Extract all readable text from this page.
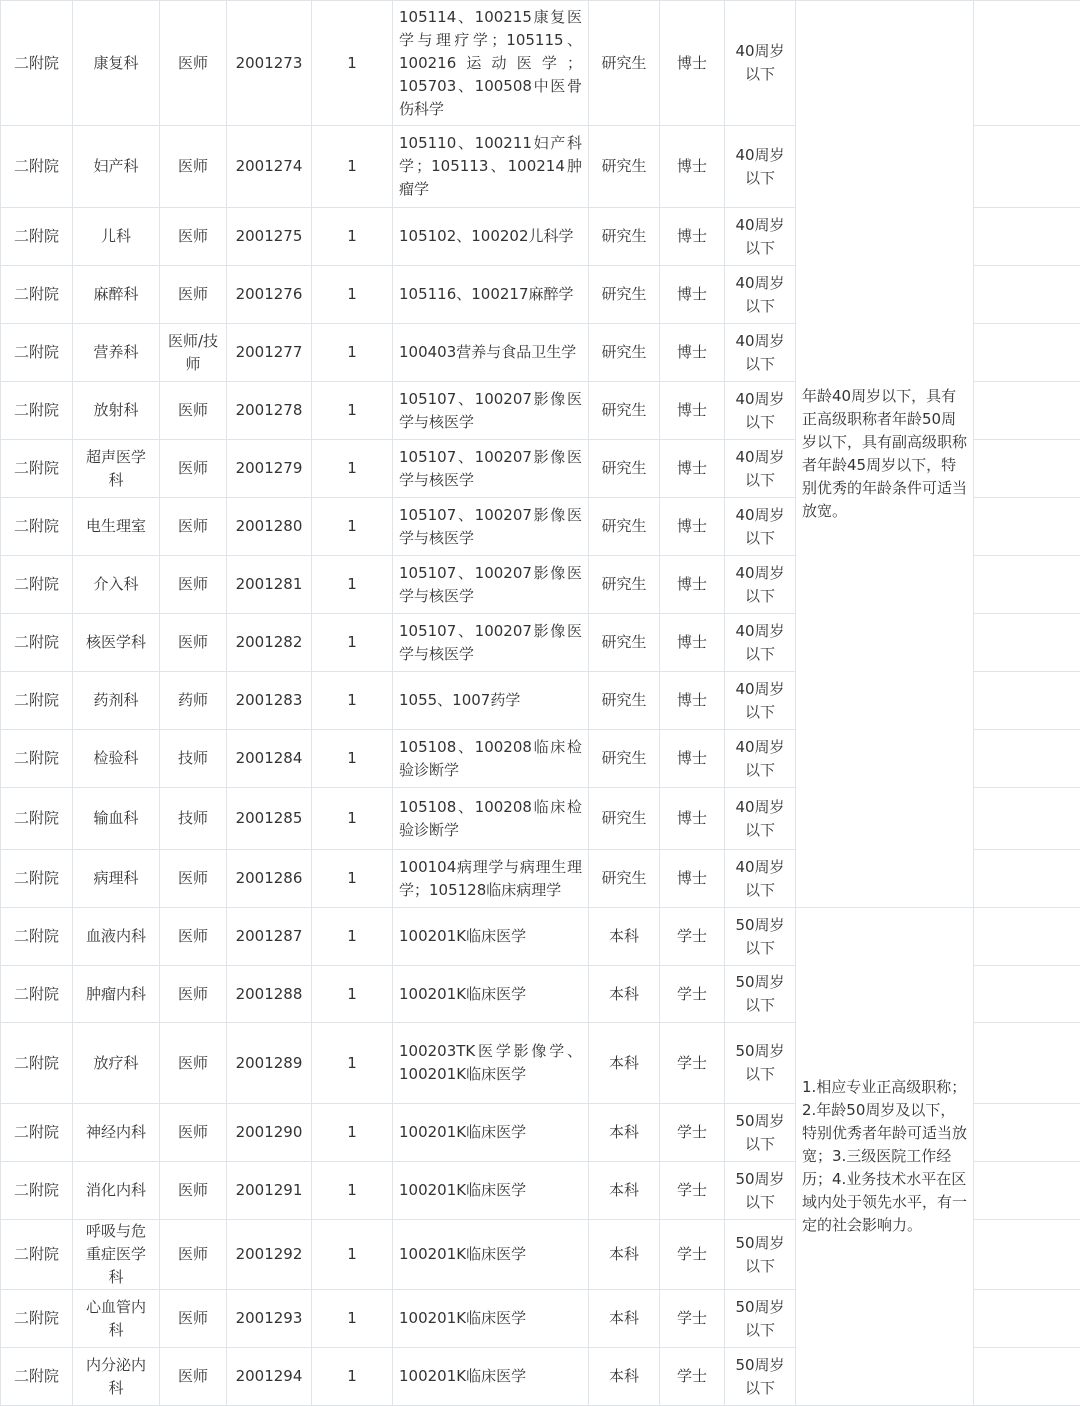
二附院	康复科	医师	2001273	1	105114、100215康复医学与理疗学；105115、100216运动医学；105703、100508中医骨伤科学	研究生	博士	40周岁以下	年龄40周岁以下，具有正高级职称者年龄50周岁以下，具有副高级职称者年龄45周岁以下，特别优秀的年龄条件可适当放宽。	
二附院	妇产科	医师	2001274	1	105110、100211妇产科学；105113、100214肿瘤学	研究生	博士	40周岁以下		
二附院	儿科	医师	2001275	1	105102、100202儿科学	研究生	博士	40周岁以下		
二附院	麻醉科	医师	2001276	1	105116、100217麻醉学	研究生	博士	40周岁以下		
二附院	营养科	医师/技师	2001277	1	100403营养与食品卫生学	研究生	博士	40周岁以下		
二附院	放射科	医师	2001278	1	105107、100207影像医学与核医学	研究生	博士	40周岁以下		
二附院	超声医学科	医师	2001279	1	105107、100207影像医学与核医学	研究生	博士	40周岁以下		
二附院	电生理室	医师	2001280	1	105107、100207影像医学与核医学	研究生	博士	40周岁以下		
二附院	介入科	医师	2001281	1	105107、100207影像医学与核医学	研究生	博士	40周岁以下		
二附院	核医学科	医师	2001282	1	105107、100207影像医学与核医学	研究生	博士	40周岁以下		
二附院	药剂科	药师	2001283	1	1055、1007药学	研究生	博士	40周岁以下		
二附院	检验科	技师	2001284	1	105108、100208临床检验诊断学	研究生	博士	40周岁以下		
二附院	输血科	技师	2001285	1	105108、100208临床检验诊断学	研究生	博士	40周岁以下		
二附院	病理科	医师	2001286	1	100104病理学与病理生理学；105128临床病理学	研究生	博士	40周岁以下		
二附院	血液内科	医师	2001287	1	100201K临床医学	本科	学士	50周岁以下	1.相应专业正高级职称； 2.年龄50周岁及以下，特别优秀者年龄可适当放宽；3.三级医院工作经历；4.业务技术水平在区域内处于领先水平，有一定的社会影响力。	
二附院	肿瘤内科	医师	2001288	1	100201K临床医学	本科	学士	50周岁以下		
二附院	放疗科	医师	2001289	1	100203TK医学影像学、100201K临床医学	本科	学士	50周岁以下		
二附院	神经内科	医师	2001290	1	100201K临床医学	本科	学士	50周岁以下		
二附院	消化内科	医师	2001291	1	100201K临床医学	本科	学士	50周岁以下		
二附院	呼吸与危重症医学科	医师	2001292	1	100201K临床医学	本科	学士	50周岁以下		
二附院	心血管内科	医师	2001293	1	100201K临床医学	本科	学士	50周岁以下		
二附院	内分泌内科	医师	2001294	1	100201K临床医学	本科	学士	50周岁以下		
